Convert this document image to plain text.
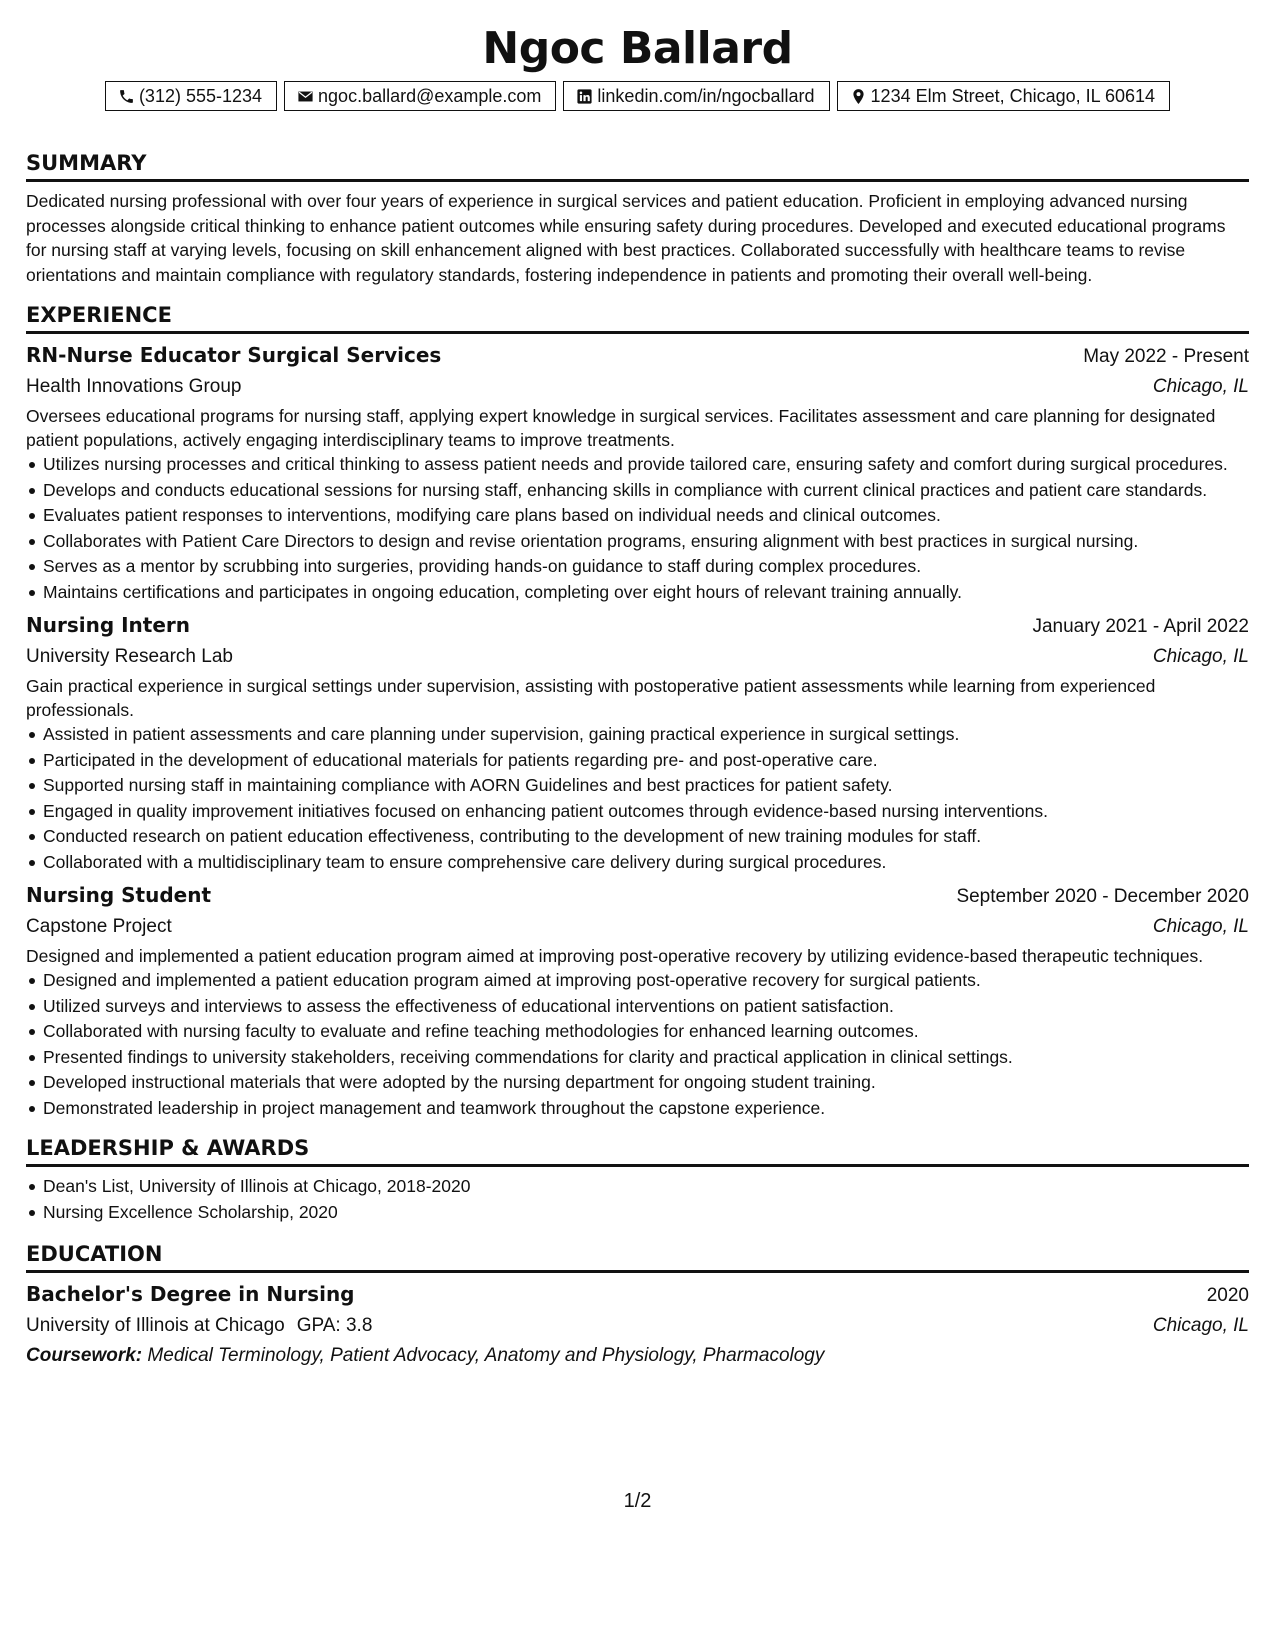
Ngoc Ballard
(312) 555-1234	ngoc.ballard@example.com	linkedin.com/in/ngocballard	1234 Elm Street, Chicago, IL 60614
SUMMARY

Dedicated nursing professional with over four years of experience in surgical services and patient education. Proficient in employing advanced nursing processes alongside critical thinking to enhance patient outcomes while ensuring safety during procedures. Developed and executed educational programs for nursing staff at varying levels, focusing on skill enhancement aligned with best practices. Collaborated successfully with healthcare teams to revise orientations and maintain compliance with regulatory standards, fostering independence in patients and promoting their overall well-being.

EXPERIENCE
RN-Nurse Educator Surgical Services	May 2022 - Present
Health Innovations Group	Chicago, IL

Oversees educational programs for nursing staff, applying expert knowledge in surgical services. Facilitates assessment and care planning for designated patient populations, actively engaging interdisciplinary teams to improve treatments.

Utilizes nursing processes and critical thinking to assess patient needs and provide tailored care, ensuring safety and comfort during surgical procedures.
Develops and conducts educational sessions for nursing staff, enhancing skills in compliance with current clinical practices and patient care standards.
Evaluates patient responses to interventions, modifying care plans based on individual needs and clinical outcomes.
Collaborates with Patient Care Directors to design and revise orientation programs, ensuring alignment with best practices in surgical nursing.
Serves as a mentor by scrubbing into surgeries, providing hands-on guidance to staff during complex procedures.
Maintains certifications and participates in ongoing education, completing over eight hours of relevant training annually.
Nursing Intern	January 2021 - April 2022
University Research Lab	Chicago, IL

Gain practical experience in surgical settings under supervision, assisting with postoperative patient assessments while learning from experienced professionals.

Assisted in patient assessments and care planning under supervision, gaining practical experience in surgical settings.
Participated in the development of educational materials for patients regarding pre- and post-operative care.
Supported nursing staff in maintaining compliance with AORN Guidelines and best practices for patient safety.
Engaged in quality improvement initiatives focused on enhancing patient outcomes through evidence-based nursing interventions.
Conducted research on patient education effectiveness, contributing to the development of new training modules for staff.
Collaborated with a multidisciplinary team to ensure comprehensive care delivery during surgical procedures.
Nursing Student	September 2020 - December 2020
Capstone Project	Chicago, IL

Designed and implemented a patient education program aimed at improving post-operative recovery by utilizing evidence-based therapeutic techniques.

Designed and implemented a patient education program aimed at improving post-operative recovery for surgical patients.
Utilized surveys and interviews to assess the effectiveness of educational interventions on patient satisfaction.
Collaborated with nursing faculty to evaluate and refine teaching methodologies for enhanced learning outcomes.
Presented findings to university stakeholders, receiving commendations for clarity and practical application in clinical settings.
Developed instructional materials that were adopted by the nursing department for ongoing student training.
Demonstrated leadership in project management and teamwork throughout the capstone experience.
LEADERSHIP & AWARDS
Dean's List, University of Illinois at Chicago, 2018-2020
Nursing Excellence Scholarship, 2020
EDUCATION
Bachelor's Degree in Nursing	2020
University of Illinois at Chicago GPA: 3.8	Chicago, IL
Coursework: Medical Terminology, Patient Advocacy, Anatomy and Physiology, Pharmacology
1/2
